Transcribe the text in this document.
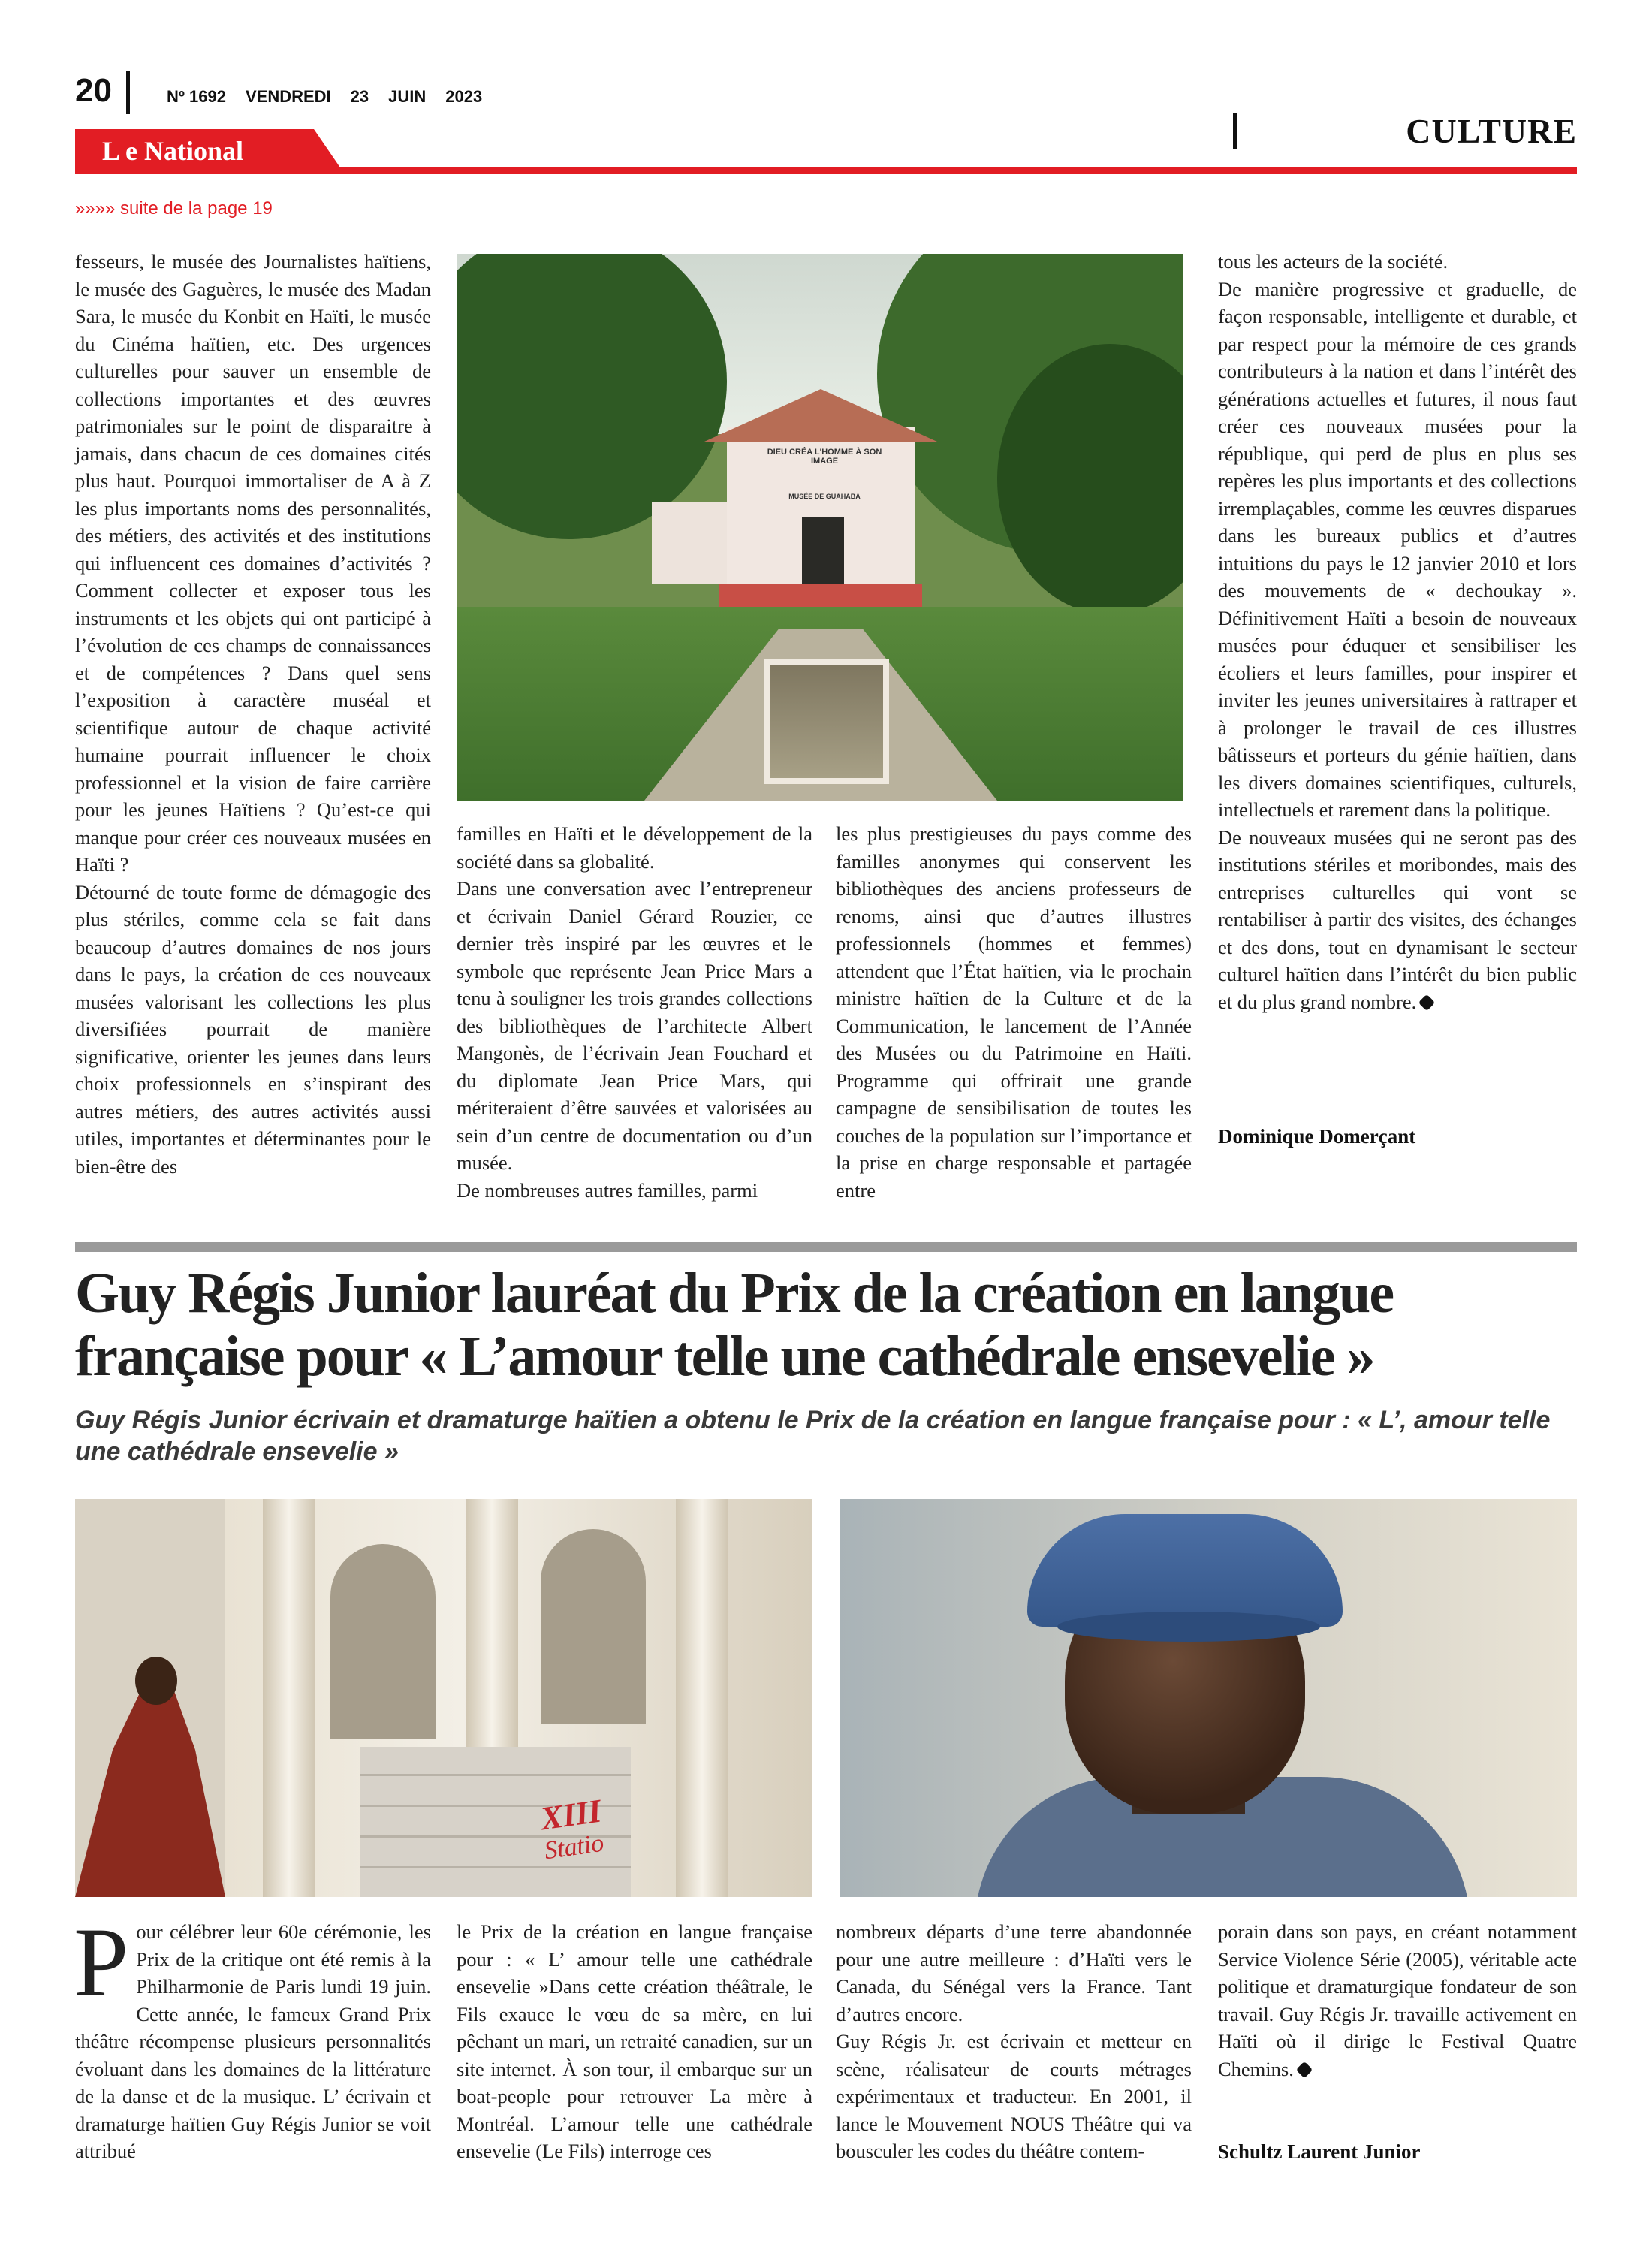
20	Nº 1692 VENDREDI 23 JUIN 2023
L e National
CULTURE
»»»» suite de la page 19

fesseurs, le musée des Journalistes haïtiens, le musée des Gaguères, le musée des Madan Sara, le musée du Konbit en Haïti, le musée du Cinéma haïtien, etc. Des urgences culturelles pour sauver un ensemble de collections importantes et des œuvres patrimoniales sur le point de disparaitre à jamais, dans chacun de ces domaines cités plus haut. Pourquoi immortaliser de A à Z les plus importants noms des personnalités, des métiers, des activités et des institutions qui influencent ces domaines d’activités ? Comment collecter et exposer tous les instruments et les objets qui ont participé à l’évolution de ces champs de connaissances et de compétences ? Dans quel sens l’exposition à caractère muséal et scientifique autour de chaque activité humaine pourrait influencer le choix professionnel et la vision de faire carrière pour les jeunes Haïtiens ? Qu’est-ce qui manque pour créer ces nouveaux musées en Haïti ?

Détourné de toute forme de démagogie des plus stériles, comme cela se fait dans beaucoup d’autres domaines de nos jours dans le pays, la création de ces nouveaux musées valorisant les collections les plus diversifiées pourrait de manière significative, orienter les jeunes dans leurs choix professionnels en s’inspirant des autres métiers, des autres activités aussi utiles, importantes et déterminantes pour le bien-être des

DIEU CRÉA L'HOMME À SON IMAGE
MUSÉE DE GUAHABA

familles en Haïti et le développement de la société dans sa globalité.

Dans une conversation avec l’entrepreneur et écrivain Daniel Gérard Rouzier, ce dernier très inspiré par les œuvres et le symbole que représente Jean Price Mars a tenu à souligner les trois grandes collections des bibliothèques de l’architecte Albert Mangonès, de l’écrivain Jean Fouchard et du diplomate Jean Price Mars, qui mériteraient d’être sauvées et valorisées au sein d’un centre de documentation ou d’un musée.

De nombreuses autres familles, parmi

les plus prestigieuses du pays comme des familles anonymes qui conservent les bibliothèques des anciens professeurs de renoms, ainsi que d’autres illustres professionnels (hommes et femmes) attendent que l’État haïtien, via le prochain ministre haïtien de la Culture et de la Communication, le lancement de l’Année des Musées ou du Patrimoine en Haïti. Programme qui offrirait une grande campagne de sensibilisation de toutes les couches de la population sur l’importance et la prise en charge responsable et partagée entre

tous les acteurs de la société.

De manière progressive et graduelle, de façon responsable, intelligente et durable, et par respect pour la mémoire de ces grands contributeurs à la nation et dans l’intérêt des générations actuelles et futures, il nous faut créer ces nouveaux musées pour la république, qui perd de plus en plus ses repères les plus importants et des collections irremplaçables, comme les œuvres disparues dans les bureaux publics et d’autres intuitions du pays le 12 janvier 2010 et lors des mouvements de « dechoukay ». Définitivement Haïti a besoin de nouveaux musées pour éduquer et sensibiliser les écoliers et leurs familles, pour inspirer et inviter les jeunes universitaires à rattraper et à prolonger le travail de ces illustres bâtisseurs et porteurs du génie haïtien, dans les divers domaines scientifiques, culturels, intellectuels et rarement dans la politique.

De nouveaux musées qui ne seront pas des institutions stériles et moribondes, mais des entreprises culturelles qui vont se rentabiliser à partir des visites, des échanges et des dons, tout en dynamisant le secteur culturel haïtien dans l’intérêt du bien public et du plus grand nombre.

Dominique Domerçant
Guy Régis Junior lauréat du Prix de la création en langue
française pour « L’amour telle une cathédrale ensevelie »

Guy Régis Junior écrivain et dramaturge haïtien a obtenu le Prix de la création en langue française pour : « L’, amour telle une cathédrale ensevelie »

XIII
Statio

Pour célébrer leur 60e cérémonie, les Prix de la critique ont été remis à la Philharmonie de Paris lundi 19 juin. Cette année, le fameux Grand Prix théâtre récompense plusieurs personnalités évoluant dans les domaines de la littérature de la danse et de la musique. L’ écrivain et dramaturge haïtien Guy Régis Junior se voit attribué

le Prix de la création en langue française pour : « L’ amour telle une cathédrale ensevelie »Dans cette création théâtrale, le Fils exauce le vœu de sa mère, en lui pêchant un mari, un retraité canadien, sur un site internet. À son tour, il embarque sur un boat-people pour retrouver La mère à Montréal. L’amour telle une cathédrale ensevelie (Le Fils) interroge ces

nombreux départs d’une terre abandonnée pour une autre meilleure : d’Haïti vers le Canada, du Sénégal vers la France. Tant d’autres encore.

Guy Régis Jr. est écrivain et metteur en scène, réalisateur de courts métrages expérimentaux et traducteur. En 2001, il lance le Mouvement NOUS Théâtre qui va bousculer les codes du théâtre contem-

porain dans son pays, en créant notamment Service Violence Série (2005), véritable acte politique et dramaturgique fondateur de son travail. Guy Régis Jr. travaille activement en Haïti où il dirige le Festival Quatre Chemins.

Schultz Laurent Junior
